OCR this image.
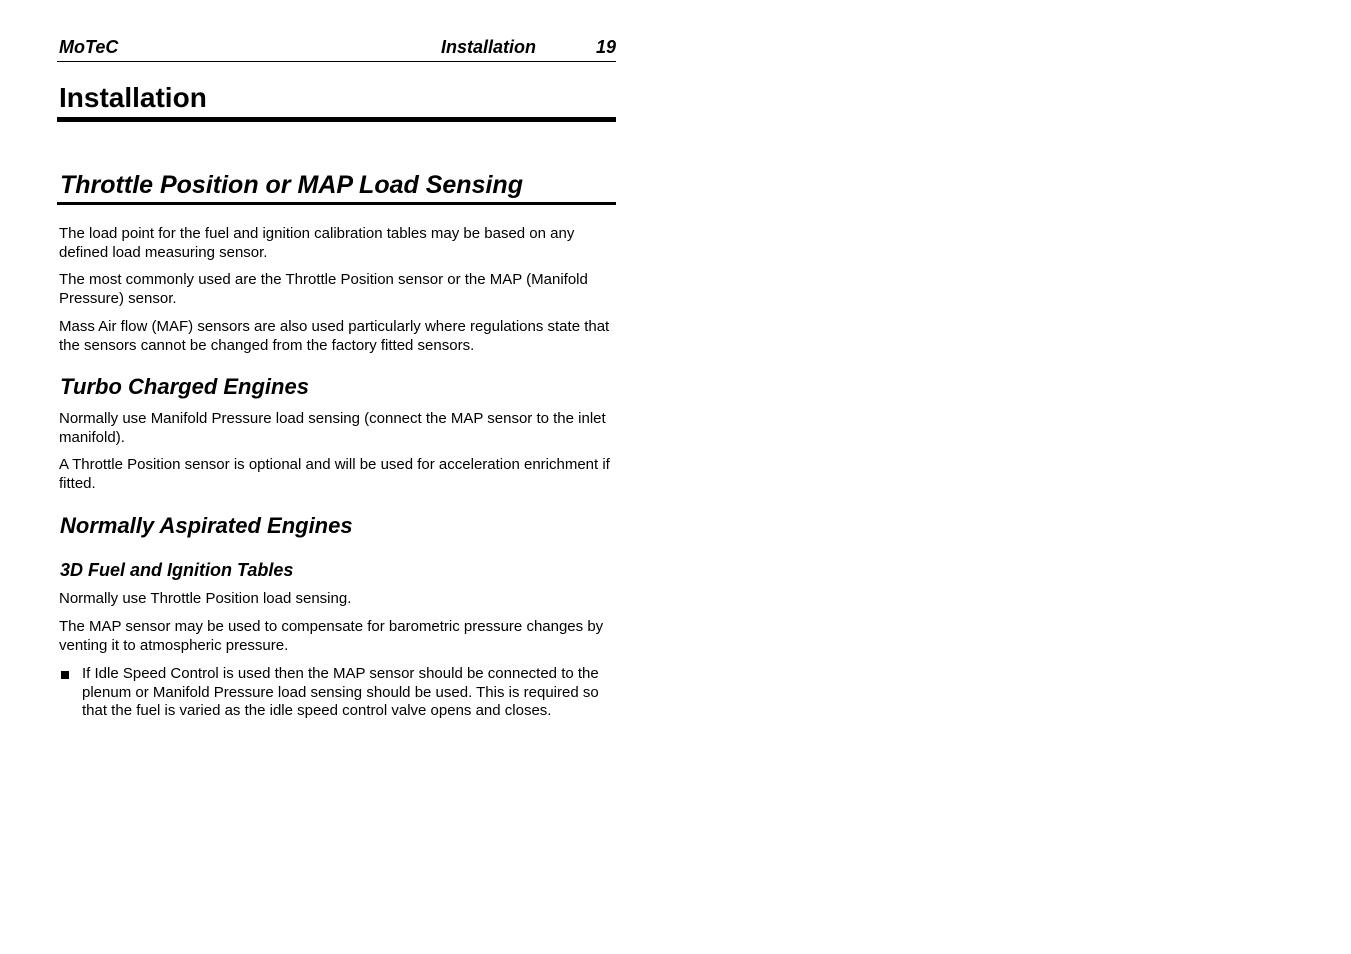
MoTeC	Installation	19
Installation
Throttle Position or MAP Load Sensing

The load point for the fuel and ignition calibration tables may be based on any defined load measuring sensor.

The most commonly used are the Throttle Position sensor or the MAP (Manifold Pressure) sensor.

Mass Air flow (MAF) sensors are also used particularly where regulations state that the sensors cannot be changed from the factory fitted sensors.

Turbo Charged Engines

Normally use Manifold Pressure load sensing (connect the MAP sensor to the inlet manifold).

A Throttle Position sensor is optional and will be used for acceleration enrichment if fitted.

Normally Aspirated Engines
3D Fuel and Ignition Tables

Normally use Throttle Position load sensing.

The MAP sensor may be used to compensate for barometric pressure changes by venting it to atmospheric pressure.

If Idle Speed Control is used then the MAP sensor should be connected to the plenum or Manifold Pressure load sensing should be used. This is required so that the fuel is varied as the idle speed control valve opens and closes.
